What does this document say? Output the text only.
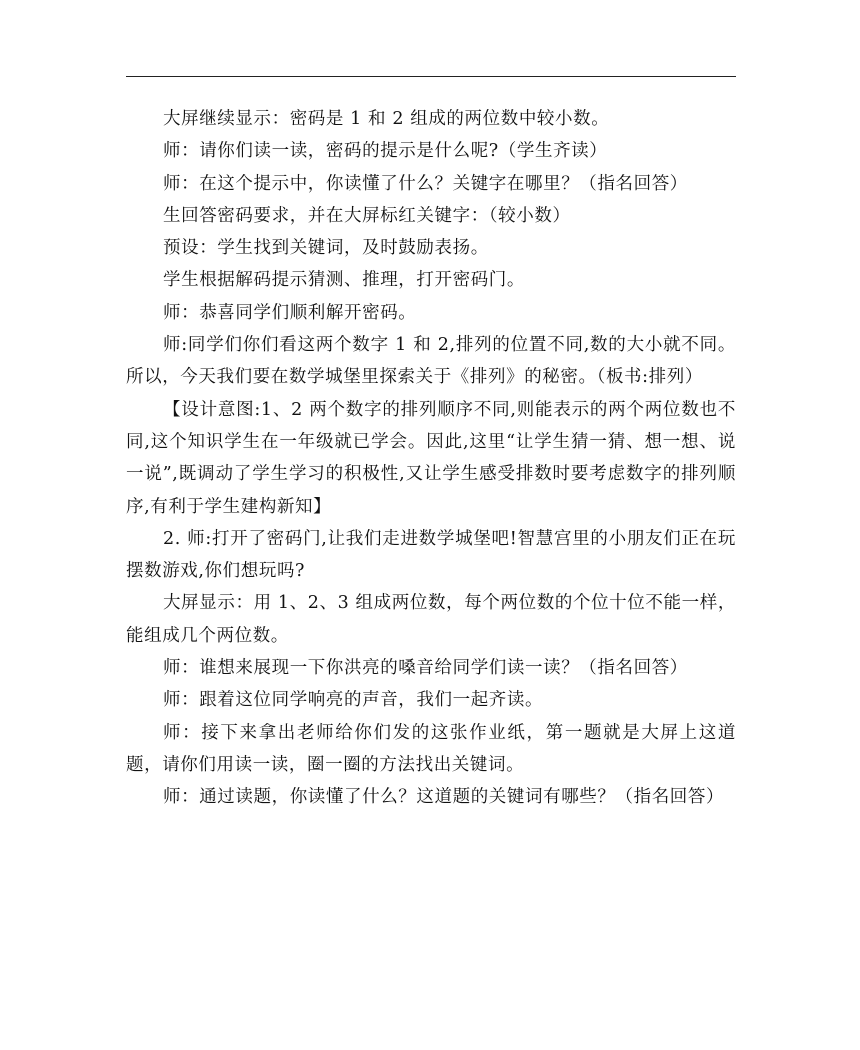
大屏继续显示：密码是 1 和 2 组成的两位数中较小数。

师：请你们读一读，密码的提示是什么呢?（学生齐读）

师：在这个提示中，你读懂了什么？关键字在哪里？（指名回答）

生回答密码要求，并在大屏标红关键字：（较小数）

预设：学生找到关键词，及时鼓励表扬。

学生根据解码提示猜测、推理，打开密码门。

师：恭喜同学们顺利解开密码。

师:同学们你们看这两个数字 1 和 2,排列的位置不同,数的大小就不同。所以，今天我们要在数学城堡里探索关于《排列》的秘密。（板书:排列）

【设计意图:1、2 两个数字的排列顺序不同,则能表示的两个两位数也不同,这个知识学生在一年级就已学会。因此,这里“让学生猜一猜、想一想、说一说”,既调动了学生学习的积极性,又让学生感受排数时要考虑数字的排列顺序,有利于学生建构新知】

2. 师:打开了密码门,让我们走进数学城堡吧!智慧宫里的小朋友们正在玩摆数游戏,你们想玩吗?

大屏显示：用 1、2、3 组成两位数，每个两位数的个位十位不能一样，能组成几个两位数。

师：谁想来展现一下你洪亮的嗓音给同学们读一读？（指名回答）

师：跟着这位同学响亮的声音，我们一起齐读。

师：接下来拿出老师给你们发的这张作业纸，第一题就是大屏上这道题，请你们用读一读，圈一圈的方法找出关键词。

师：通过读题，你读懂了什么？这道题的关键词有哪些？（指名回答）
